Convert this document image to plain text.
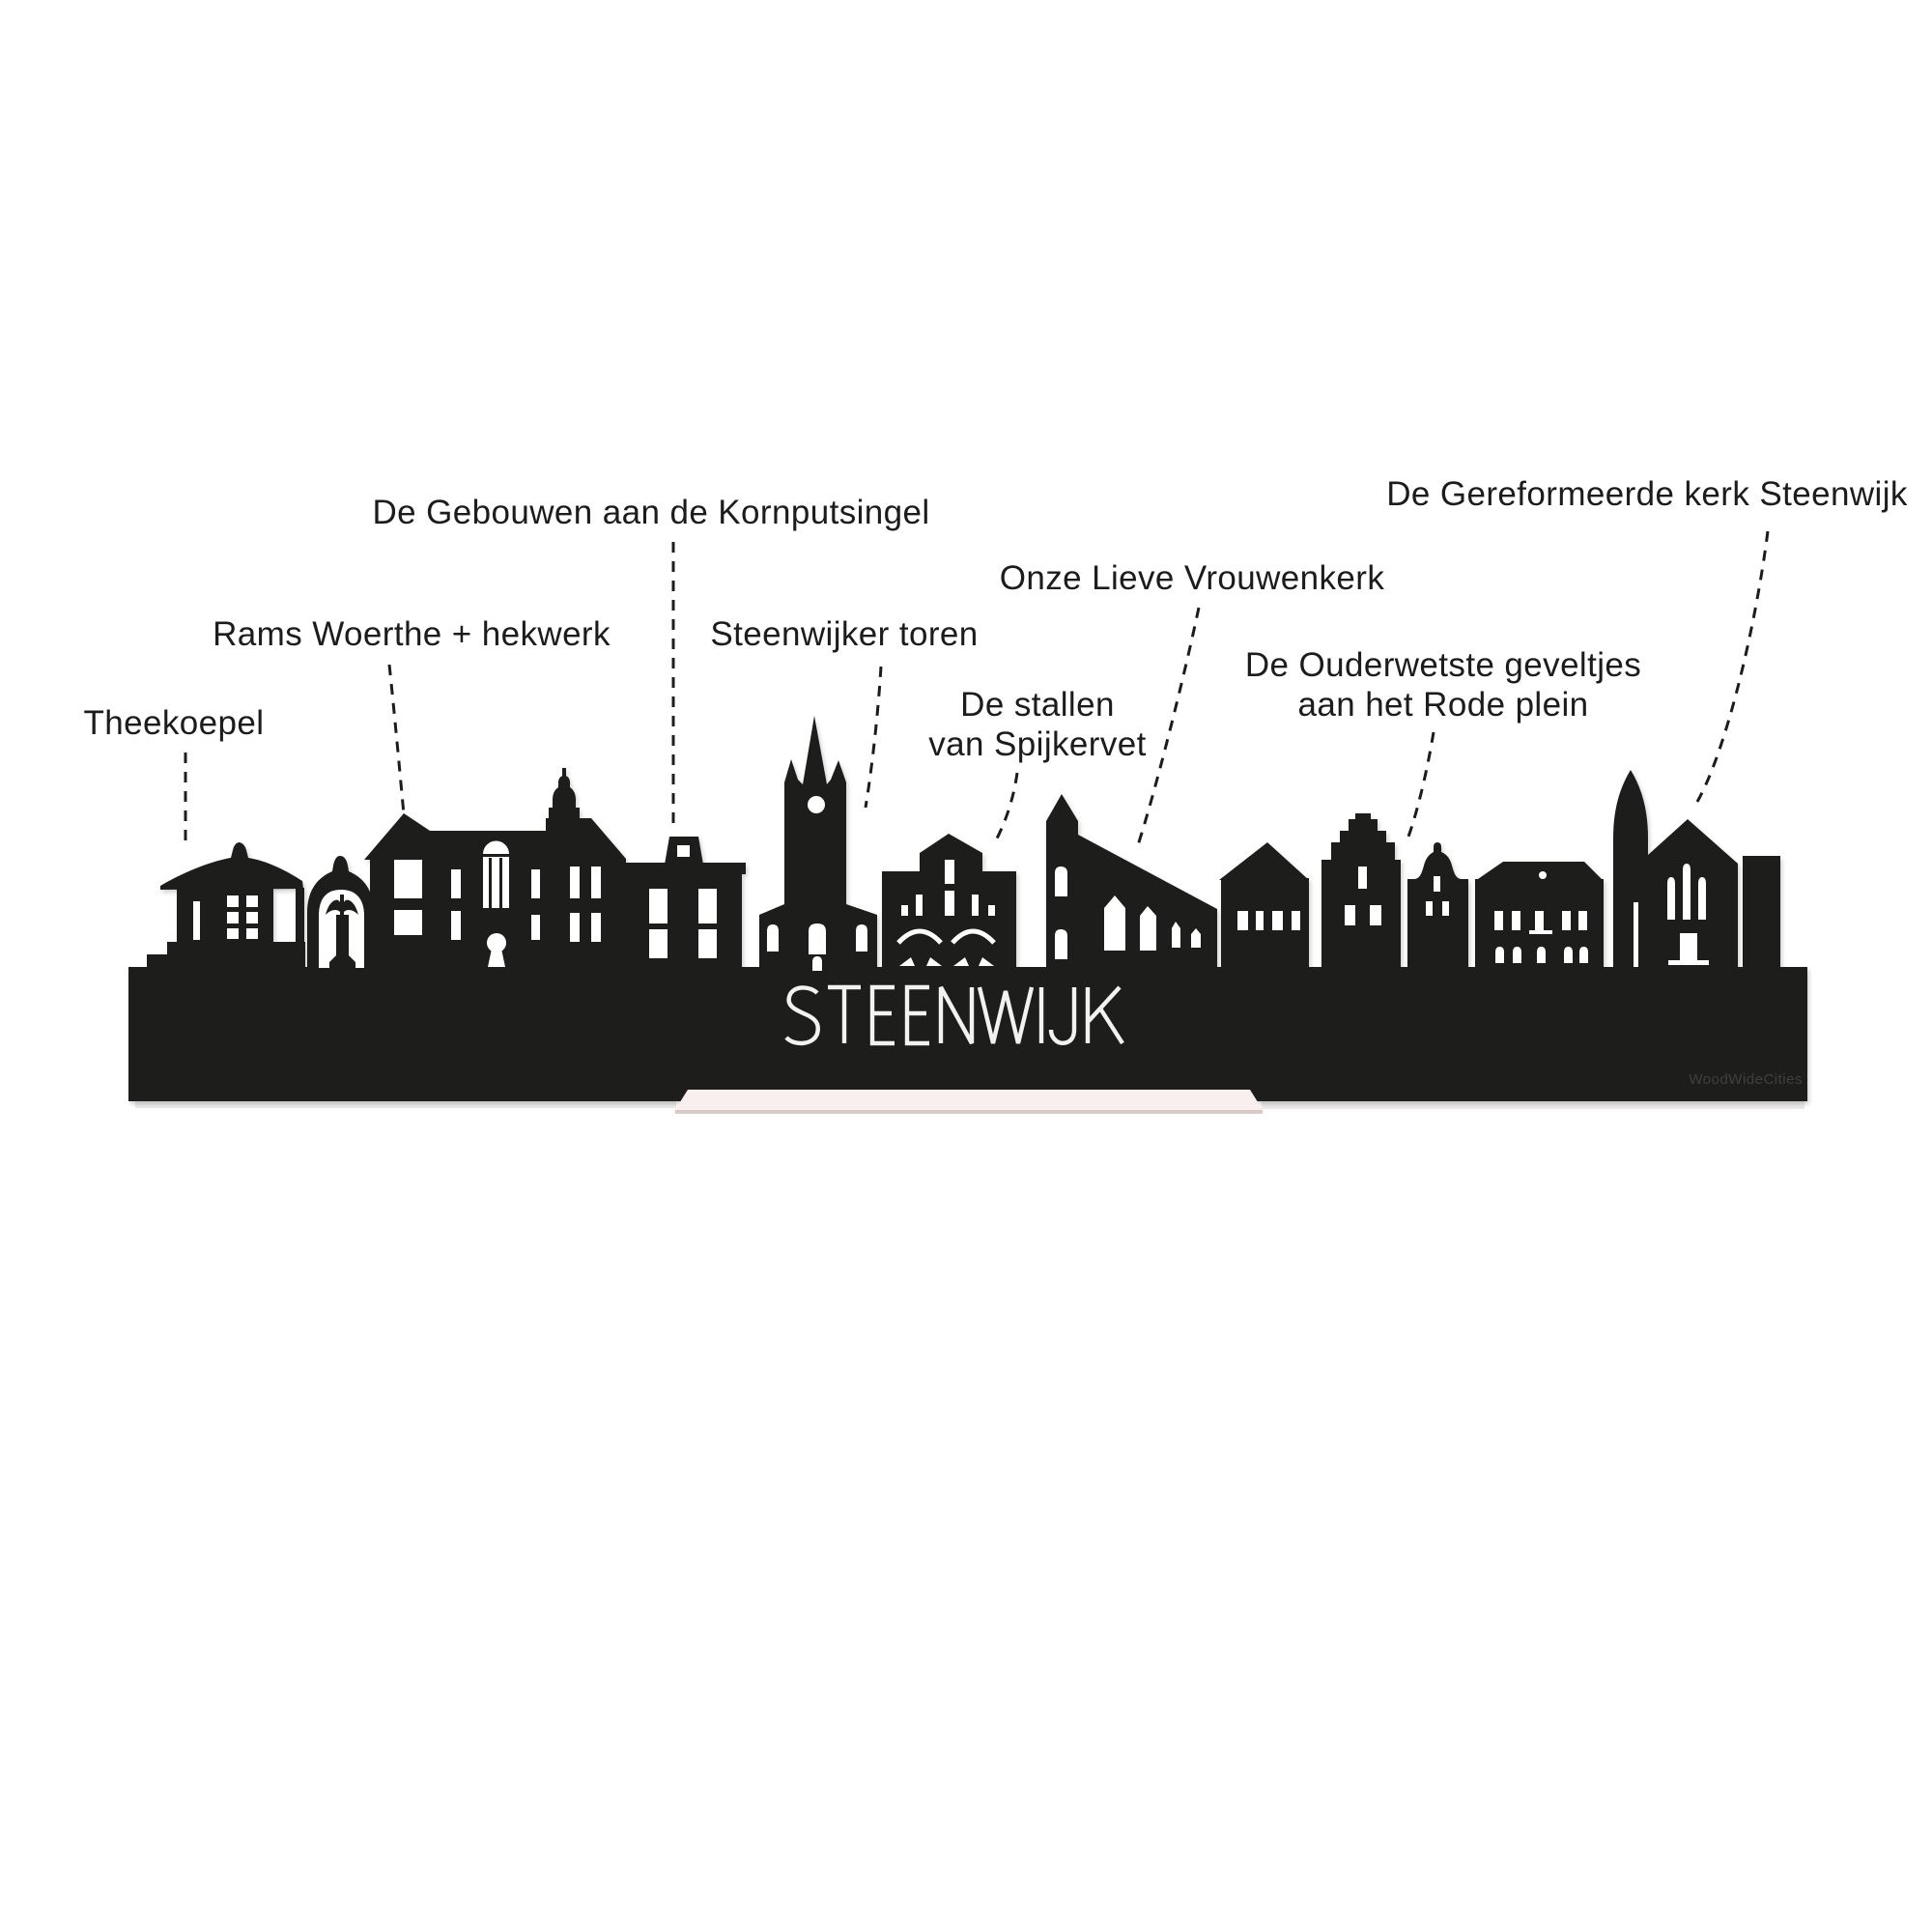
Theekoepel
Rams Woerthe + hekwerk
De Gebouwen aan de Kornputsingel
Steenwijker toren
De stallen
van Spijkervet
Onze Lieve Vrouwenkerk
De Ouderwetste geveltjes
aan het Rode plein
De Gereformeerde kerk Steenwijk
WoodWideCities
